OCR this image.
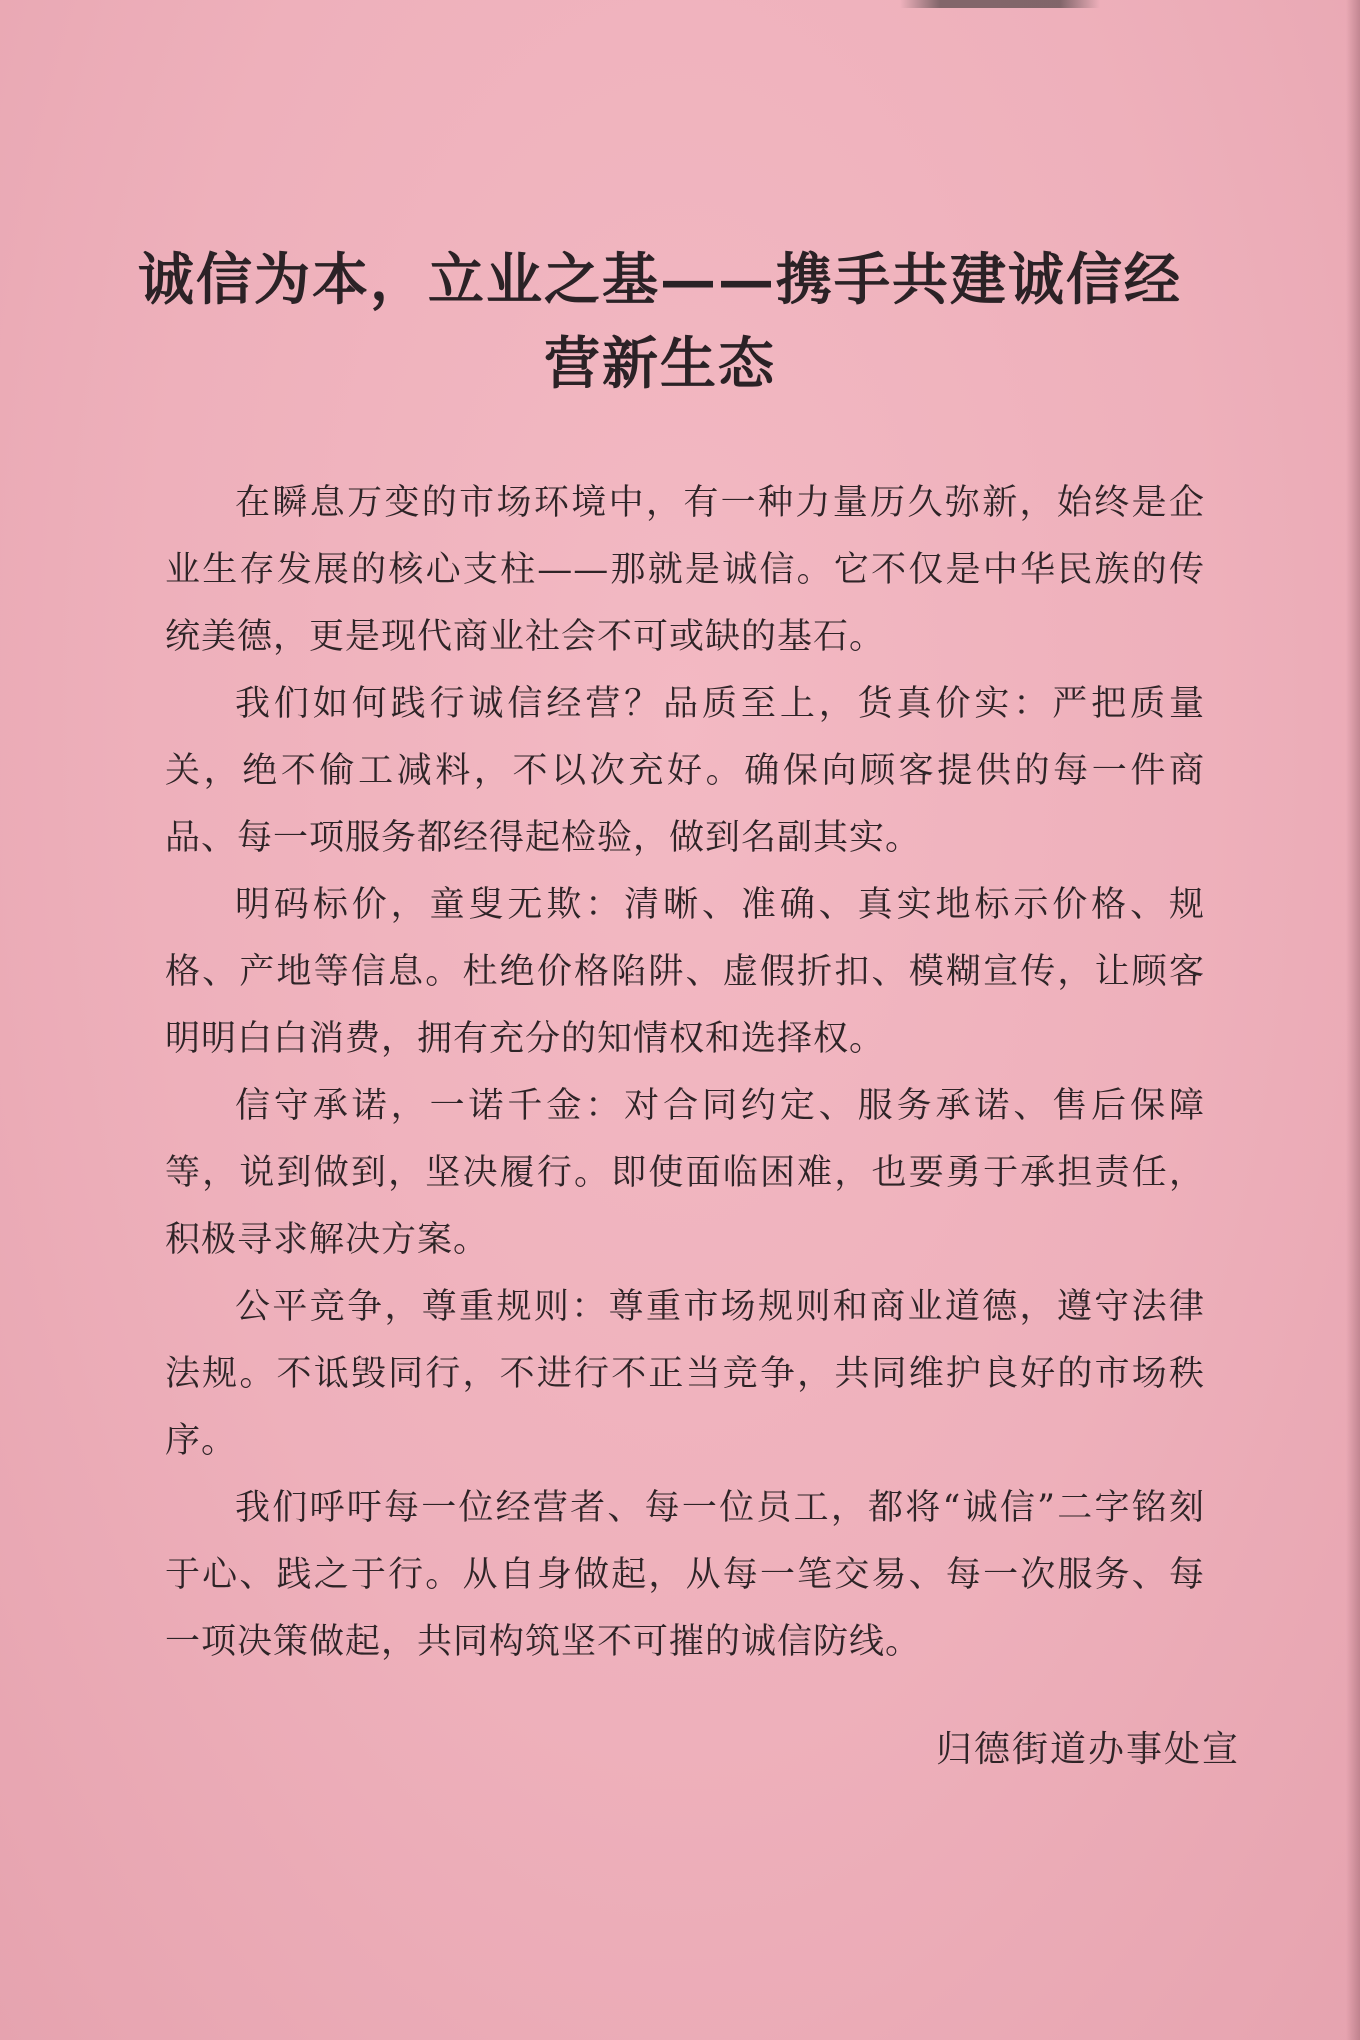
诚信为本，立业之基——携手共建诚信经营新生态

在瞬息万变的市场环境中，有一种力量历久弥新，始终是企业生存发展的核心支柱——那就是诚信。它不仅是中华民族的传统美德，更是现代商业社会不可或缺的基石。

我们如何践行诚信经营？品质至上，货真价实：严把质量关，绝不偷工减料，不以次充好。确保向顾客提供的每一件商品、每一项服务都经得起检验，做到名副其实。

明码标价，童叟无欺：清晰、准确、真实地标示价格、规格、产地等信息。杜绝价格陷阱、虚假折扣、模糊宣传，让顾客明明白白消费，拥有充分的知情权和选择权。

信守承诺，一诺千金：对合同约定、服务承诺、售后保障等，说到做到，坚决履行。即使面临困难，也要勇于承担责任，积极寻求解决方案。

公平竞争，尊重规则：尊重市场规则和商业道德，遵守法律法规。不诋毁同行，不进行不正当竞争，共同维护良好的市场秩序。

我们呼吁每一位经营者、每一位员工，都将“诚信”二字铭刻于心、践之于行。从自身做起，从每一笔交易、每一次服务、每一项决策做起，共同构筑坚不可摧的诚信防线。

归德街道办事处宣
